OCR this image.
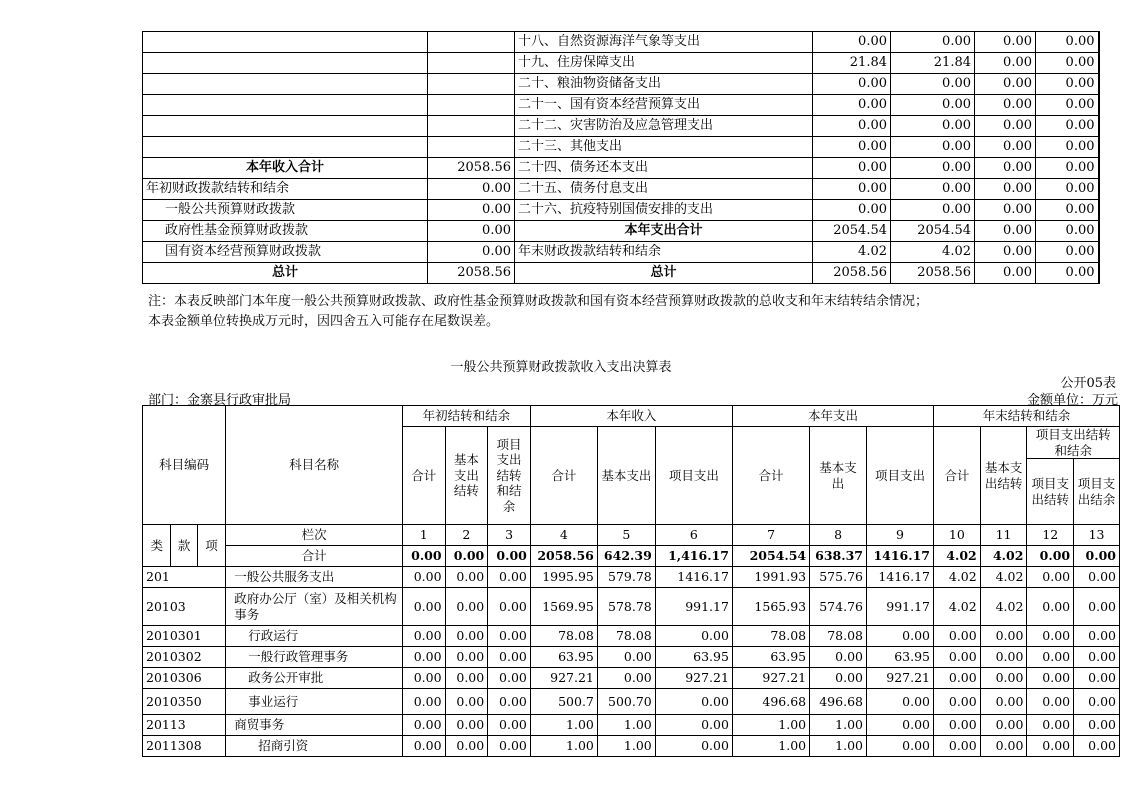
		十八、自然资源海洋气象等支出	0.00	0.00	0.00	0.00
		十九、住房保障支出	21.84	21.84	0.00	0.00
		二十、粮油物资储备支出	0.00	0.00	0.00	0.00
		二十一、国有资本经营预算支出	0.00	0.00	0.00	0.00
		二十二、灾害防治及应急管理支出	0.00	0.00	0.00	0.00
		二十三、其他支出	0.00	0.00	0.00	0.00
本年收入合计	2058.56	二十四、债务还本支出	0.00	0.00	0.00	0.00
年初财政拨款结转和结余	0.00	二十五、债务付息支出	0.00	0.00	0.00	0.00
一般公共预算财政拨款	0.00	二十六、抗疫特别国债安排的支出	0.00	0.00	0.00	0.00
政府性基金预算财政拨款	0.00	本年支出合计	2054.54	2054.54	0.00	0.00
国有资本经营预算财政拨款	0.00	年末财政拨款结转和结余	4.02	4.02	0.00	0.00
总计	2058.56	总计	2058.56	2058.56	0.00	0.00
注：本表反映部门本年度一般公共预算财政拨款、政府性基金预算财政拨款和国有资本经营预算财政拨款的总收支和年末结转结余情况；
本表金额单位转换成万元时，因四舍五入可能存在尾数误差。
一般公共预算财政拨款收入支出决算表
公开05表
部门：金寨县行政审批局	金额单位：万元
科目编码			科目名称	年初结转和结余			本年收入			本年支出			年末结转和结余			
				合计	基本支出结转	项目支出结转和结余	合计	基本支出	项目支出	合计	基本支出	项目支出	合计	基本支出结转	项目支出结转和结余	
															项目支出结转	项目支出结余
类	款	项	栏次	1	2	3	4	5	6	7	8	9	10	11	12	13
			合计	0.00	0.00	0.00	2058.56	642.39	1,416.17	2054.54	638.37	1416.17	4.02	4.02	0.00	0.00
201			一般公共服务支出	0.00	0.00	0.00	1995.95	579.78	1416.17	1991.93	575.76	1416.17	4.02	4.02	0.00	0.00
20103			政府办公厅（室）及相关机构事务	0.00	0.00	0.00	1569.95	578.78	991.17	1565.93	574.76	991.17	4.02	4.02	0.00	0.00
2010301			行政运行	0.00	0.00	0.00	78.08	78.08	0.00	78.08	78.08	0.00	0.00	0.00	0.00	0.00
2010302			一般行政管理事务	0.00	0.00	0.00	63.95	0.00	63.95	63.95	0.00	63.95	0.00	0.00	0.00	0.00
2010306			政务公开审批	0.00	0.00	0.00	927.21	0.00	927.21	927.21	0.00	927.21	0.00	0.00	0.00	0.00
2010350			事业运行	0.00	0.00	0.00	500.7	500.70	0.00	496.68	496.68	0.00	0.00	0.00	0.00	0.00
20113			商贸事务	0.00	0.00	0.00	1.00	1.00	0.00	1.00	1.00	0.00	0.00	0.00	0.00	0.00
2011308			招商引资	0.00	0.00	0.00	1.00	1.00	0.00	1.00	1.00	0.00	0.00	0.00	0.00	0.00
